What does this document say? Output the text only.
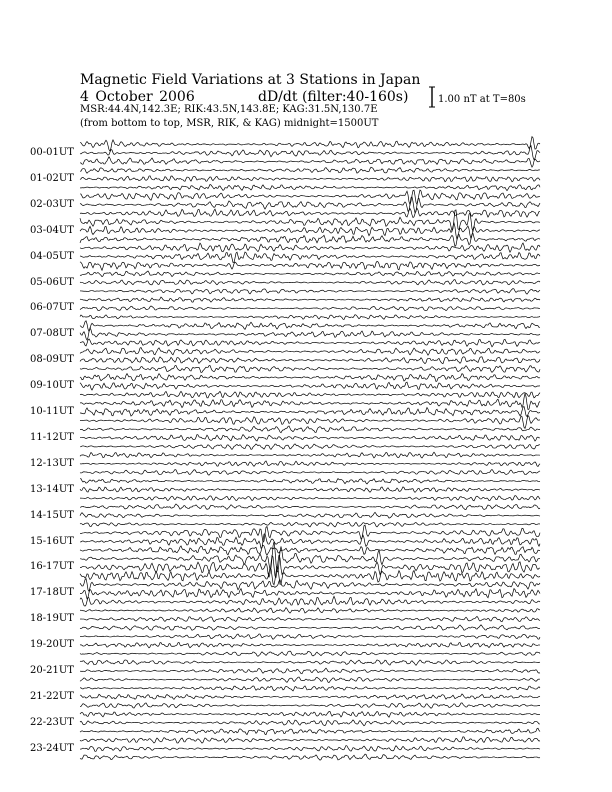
Magnetic Field Variations at 3 Stations in Japan
4 October 2006	dD/dt (filter:40-160s)
MSR:44.4N,142.3E; RIK:43.5N,143.8E; KAG:31.5N,130.7E
(from bottom to top, MSR, RIK, & KAG) midnight=1500UT
1.00 nT at T=80s
00-01UT
01-02UT
02-03UT
03-04UT
04-05UT
05-06UT
06-07UT
07-08UT
08-09UT
09-10UT
10-11UT
11-12UT
12-13UT
13-14UT
14-15UT
15-16UT
16-17UT
17-18UT
18-19UT
19-20UT
20-21UT
21-22UT
22-23UT
23-24UT
